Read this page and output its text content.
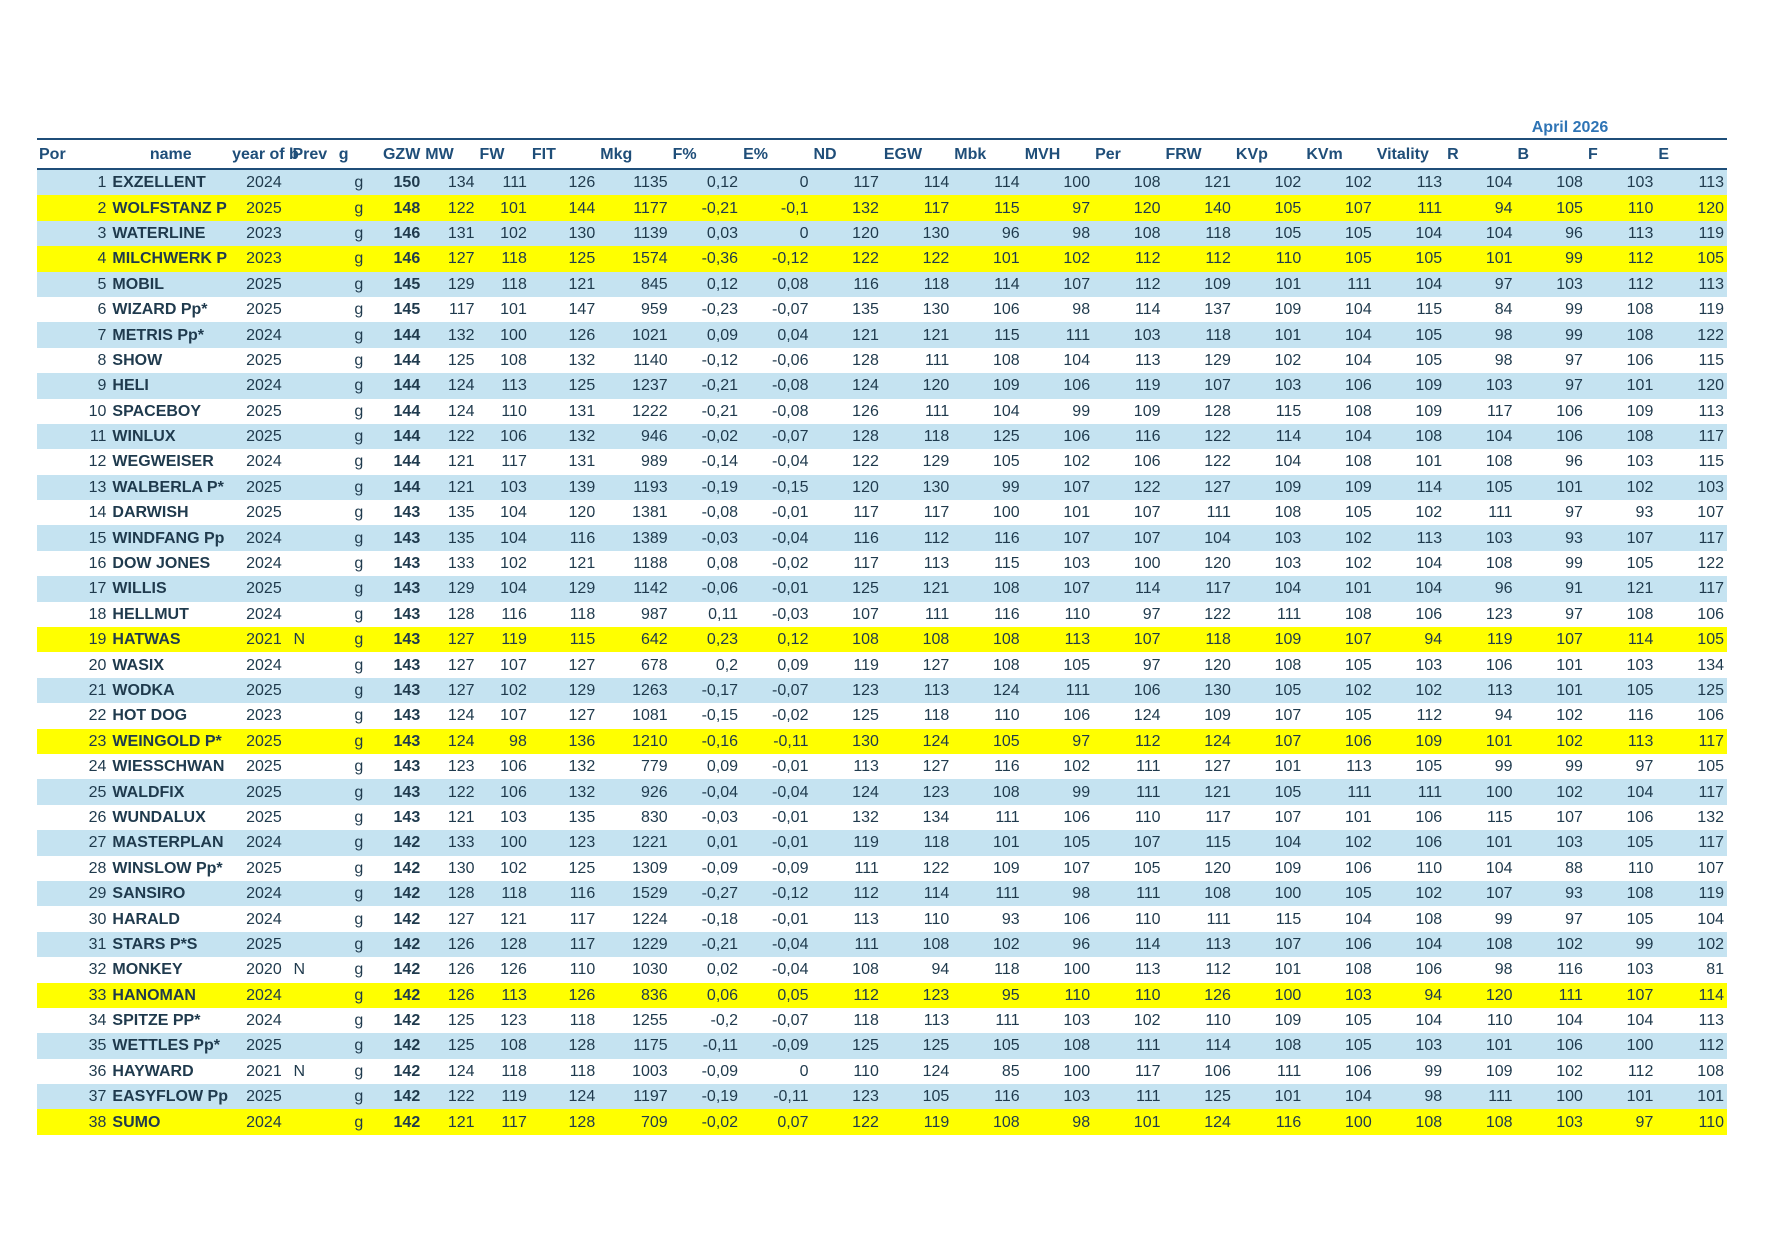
April 2026
Por	name	year of b	Prev	g	GZW	MW	FW	FIT	Mkg	F%	E%	ND	EGW	Mbk	MVH	Per	FRW	KVp	KVm	Vitality	R	B	F	E
1	EXZELLENT	2024		g	150	134	111	126	1135	0,12	0	117	114	114	100	108	121	102	102	113	104	108	103	113
2	WOLFSTANZ P	2025		g	148	122	101	144	1177	-0,21	-0,1	132	117	115	97	120	140	105	107	111	94	105	110	120
3	WATERLINE	2023		g	146	131	102	130	1139	0,03	0	120	130	96	98	108	118	105	105	104	104	96	113	119
4	MILCHWERK P	2023		g	146	127	118	125	1574	-0,36	-0,12	122	122	101	102	112	112	110	105	105	101	99	112	105
5	MOBIL	2025		g	145	129	118	121	845	0,12	0,08	116	118	114	107	112	109	101	111	104	97	103	112	113
6	WIZARD Pp*	2025		g	145	117	101	147	959	-0,23	-0,07	135	130	106	98	114	137	109	104	115	84	99	108	119
7	METRIS Pp*	2024		g	144	132	100	126	1021	0,09	0,04	121	121	115	111	103	118	101	104	105	98	99	108	122
8	SHOW	2025		g	144	125	108	132	1140	-0,12	-0,06	128	111	108	104	113	129	102	104	105	98	97	106	115
9	HELI	2024		g	144	124	113	125	1237	-0,21	-0,08	124	120	109	106	119	107	103	106	109	103	97	101	120
10	SPACEBOY	2025		g	144	124	110	131	1222	-0,21	-0,08	126	111	104	99	109	128	115	108	109	117	106	109	113
11	WINLUX	2025		g	144	122	106	132	946	-0,02	-0,07	128	118	125	106	116	122	114	104	108	104	106	108	117
12	WEGWEISER	2024		g	144	121	117	131	989	-0,14	-0,04	122	129	105	102	106	122	104	108	101	108	96	103	115
13	WALBERLA P*	2025		g	144	121	103	139	1193	-0,19	-0,15	120	130	99	107	122	127	109	109	114	105	101	102	103
14	DARWISH	2025		g	143	135	104	120	1381	-0,08	-0,01	117	117	100	101	107	111	108	105	102	111	97	93	107
15	WINDFANG Pp	2024		g	143	135	104	116	1389	-0,03	-0,04	116	112	116	107	107	104	103	102	113	103	93	107	117
16	DOW JONES	2024		g	143	133	102	121	1188	0,08	-0,02	117	113	115	103	100	120	103	102	104	108	99	105	122
17	WILLIS	2025		g	143	129	104	129	1142	-0,06	-0,01	125	121	108	107	114	117	104	101	104	96	91	121	117
18	HELLMUT	2024		g	143	128	116	118	987	0,11	-0,03	107	111	116	110	97	122	111	108	106	123	97	108	106
19	HATWAS	2021	N	g	143	127	119	115	642	0,23	0,12	108	108	108	113	107	118	109	107	94	119	107	114	105
20	WASIX	2024		g	143	127	107	127	678	0,2	0,09	119	127	108	105	97	120	108	105	103	106	101	103	134
21	WODKA	2025		g	143	127	102	129	1263	-0,17	-0,07	123	113	124	111	106	130	105	102	102	113	101	105	125
22	HOT DOG	2023		g	143	124	107	127	1081	-0,15	-0,02	125	118	110	106	124	109	107	105	112	94	102	116	106
23	WEINGOLD P*	2025		g	143	124	98	136	1210	-0,16	-0,11	130	124	105	97	112	124	107	106	109	101	102	113	117
24	WIESSCHWAN	2025		g	143	123	106	132	779	0,09	-0,01	113	127	116	102	111	127	101	113	105	99	99	97	105
25	WALDFIX	2025		g	143	122	106	132	926	-0,04	-0,04	124	123	108	99	111	121	105	111	111	100	102	104	117
26	WUNDALUX	2025		g	143	121	103	135	830	-0,03	-0,01	132	134	111	106	110	117	107	101	106	115	107	106	132
27	MASTERPLAN	2024		g	142	133	100	123	1221	0,01	-0,01	119	118	101	105	107	115	104	102	106	101	103	105	117
28	WINSLOW Pp*	2025		g	142	130	102	125	1309	-0,09	-0,09	111	122	109	107	105	120	109	106	110	104	88	110	107
29	SANSIRO	2024		g	142	128	118	116	1529	-0,27	-0,12	112	114	111	98	111	108	100	105	102	107	93	108	119
30	HARALD	2024		g	142	127	121	117	1224	-0,18	-0,01	113	110	93	106	110	111	115	104	108	99	97	105	104
31	STARS P*S	2025		g	142	126	128	117	1229	-0,21	-0,04	111	108	102	96	114	113	107	106	104	108	102	99	102
32	MONKEY	2020	N	g	142	126	126	110	1030	0,02	-0,04	108	94	118	100	113	112	101	108	106	98	116	103	81
33	HANOMAN	2024		g	142	126	113	126	836	0,06	0,05	112	123	95	110	110	126	100	103	94	120	111	107	114
34	SPITZE PP*	2024		g	142	125	123	118	1255	-0,2	-0,07	118	113	111	103	102	110	109	105	104	110	104	104	113
35	WETTLES Pp*	2025		g	142	125	108	128	1175	-0,11	-0,09	125	125	105	108	111	114	108	105	103	101	106	100	112
36	HAYWARD	2021	N	g	142	124	118	118	1003	-0,09	0	110	124	85	100	117	106	111	106	99	109	102	112	108
37	EASYFLOW Pp	2025		g	142	122	119	124	1197	-0,19	-0,11	123	105	116	103	111	125	101	104	98	111	100	101	101
38	SUMO	2024		g	142	121	117	128	709	-0,02	0,07	122	119	108	98	101	124	116	100	108	108	103	97	110
